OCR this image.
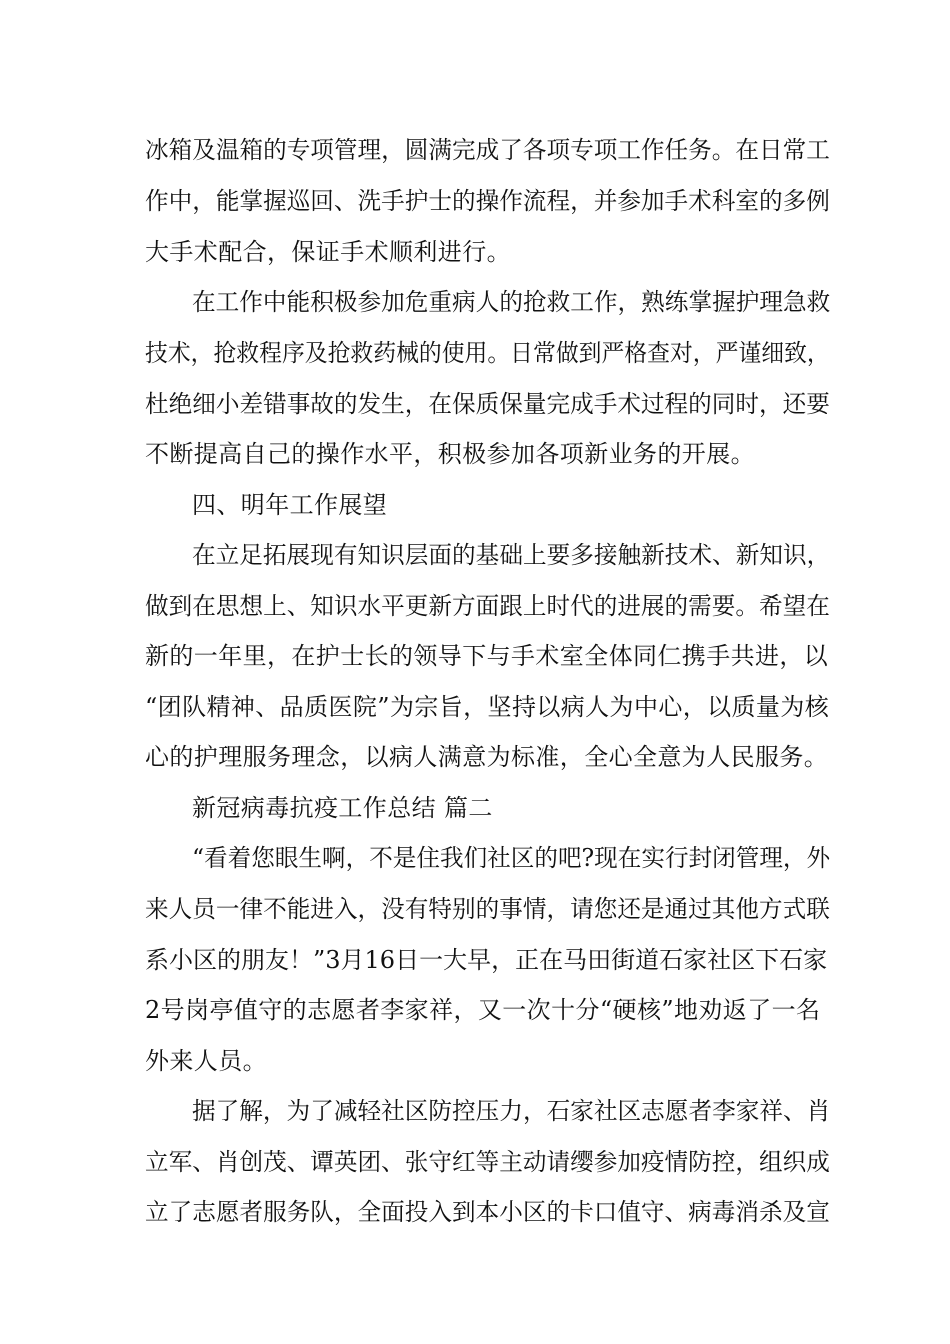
冰箱及温箱的专项管理，圆满完成了各项专项工作任务。在日常工
作中，能掌握巡回、洗手护士的操作流程，并参加手术科室的多例
大手术配合，保证手术顺利进行。
在工作中能积极参加危重病人的抢救工作，熟练掌握护理急救
技术，抢救程序及抢救药械的使用。日常做到严格查对，严谨细致，
杜绝细小差错事故的发生，在保质保量完成手术过程的同时，还要
不断提高自己的操作水平，积极参加各项新业务的开展。
四、明年工作展望
在立足拓展现有知识层面的基础上要多接触新技术、新知识，
做到在思想上、知识水平更新方面跟上时代的进展的需要。希望在
新的一年里，在护士长的领导下与手术室全体同仁携手共进，以
“团队精神、品质医院”为宗旨，坚持以病人为中心，以质量为核
心的护理服务理念，以病人满意为标准，全心全意为人民服务。
新冠病毒抗疫工作总结 篇二
“看着您眼生啊，不是住我们社区的吧?现在实行封闭管理，外
来人员一律不能进入，没有特别的事情，请您还是通过其他方式联
系小区的朋友！”3月16日一大早，正在马田街道石家社区下石家
2号岗亭值守的志愿者李家祥，又一次十分“硬核”地劝返了一名
外来人员。
据了解，为了减轻社区防控压力，石家社区志愿者李家祥、肖
立军、肖创茂、谭英团、张守红等主动请缨参加疫情防控，组织成
立了志愿者服务队，全面投入到本小区的卡口值守、病毒消杀及宣
